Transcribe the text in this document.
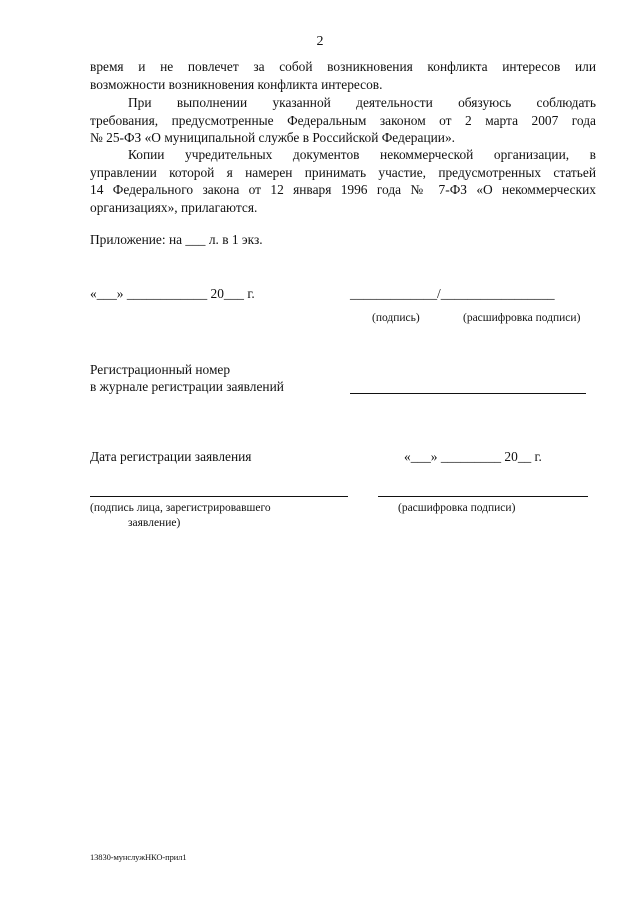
2
время и не повлечет за собой возникновения конфликта интересов или
возможности возникновения конфликта интересов.
При выполнении указанной деятельности обязуюсь соблюдать
требования, предусмотренные Федеральным законом от 2 марта 2007 года
№ 25-ФЗ «О муниципальной службе в Российской Федерации».
Копии учредительных документов некоммерческой организации, в
управлении которой я намерен принимать участие, предусмотренных статьей
14 Федерального закона от 12 января 1996 года № 7-ФЗ «О некоммерческих
организациях», прилагаются.
Приложение: на ___ л. в 1 экз.
«___» ____________ 20___ г.	_____________/_________________
(подпись)	(расшифровка подписи)
Регистрационный номер
в журнале регистрации заявлений
Дата регистрации заявления	«___» _________ 20__ г.
(подпись лица, зарегистрировавшего
заявление)
(расшифровка подписи)
13830-мунслужНКО-прил1
